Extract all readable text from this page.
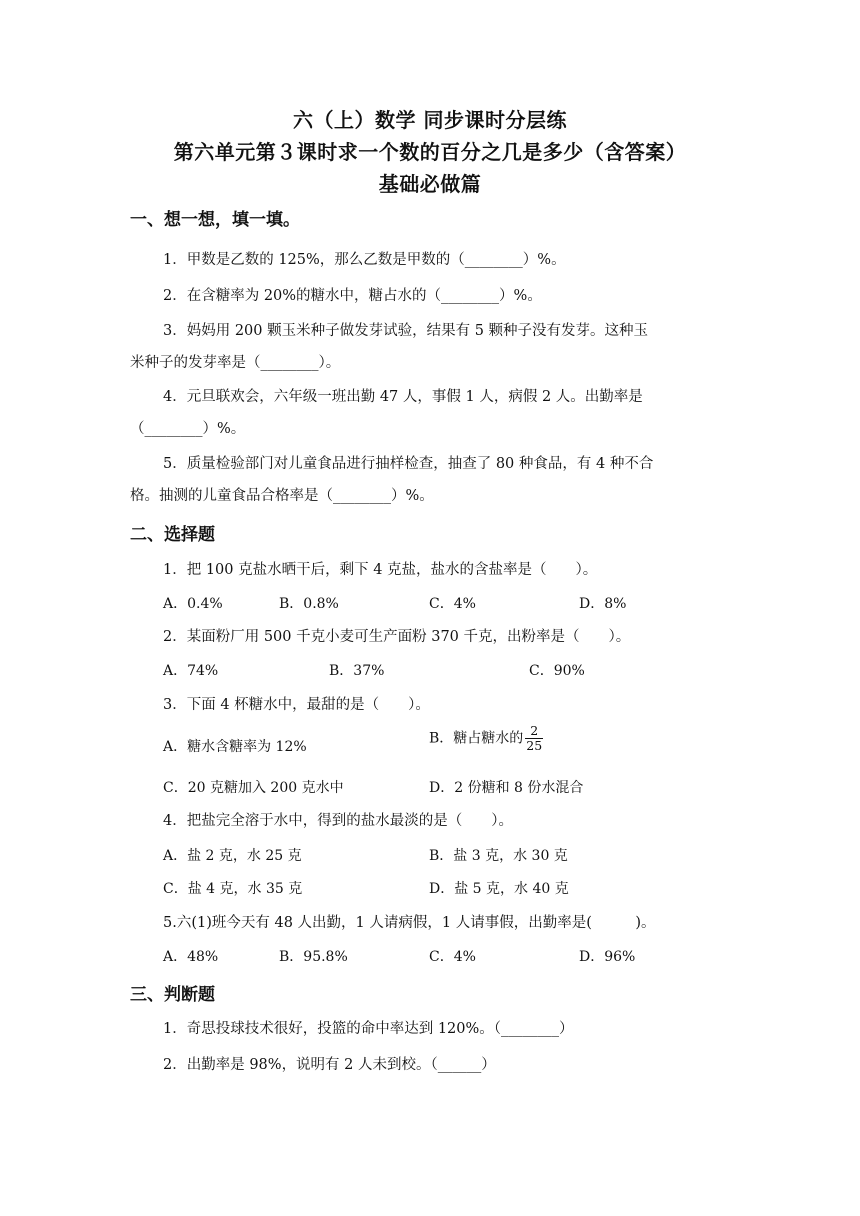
六（上）数学 同步课时分层练
第六单元第３课时求一个数的百分之几是多少（含答案）
基础必做篇
一、想一想，填一填。
1．甲数是乙数的 125%，那么乙数是甲数的（________）%。
2．在含糖率为 20%的糖水中，糖占水的（________）%。
3．妈妈用 200 颗玉米种子做发芽试验，结果有 5 颗种子没有发芽。这种玉
米种子的发芽率是（________）。
4．元旦联欢会，六年级一班出勤 47 人，事假 1 人，病假 2 人。出勤率是
（________）%。
5．质量检验部门对儿童食品进行抽样检查，抽查了 80 种食品，有 4 种不合
格。抽测的儿童食品合格率是（________）%。
二、选择题
1．把 100 克盐水晒干后，剩下 4 克盐，盐水的含盐率是（　　）。
A．0.4%	B．0.8%	C．4%	D．8%
2．某面粉厂用 500 千克小麦可生产面粉 370 千克，出粉率是（　　）。
A．74%	B．37%	C．90%
3．下面 4 杯糖水中，最甜的是（　　）。
A．糖水含糖率为 12%
B．糖占糖水的 $\frac{2}{25}$
C．20 克糖加入 200 克水中	D．2 份糖和 8 份水混合
4．把盐完全溶于水中，得到的盐水最淡的是（　　）。
A．盐 2 克，水 25 克	B．盐 3 克，水 30 克
C．盐 4 克，水 35 克	D．盐 5 克，水 40 克
5.六(1)班今天有 48 人出勤，1 人请病假，1 人请事假，出勤率是(　　　)。
A．48%	B．95.8%	C．4%	D．96%
三、判断题
1．奇思投球技术很好，投篮的命中率达到 120%。（________）
2．出勤率是 98%，说明有 2 人未到校。（______）
